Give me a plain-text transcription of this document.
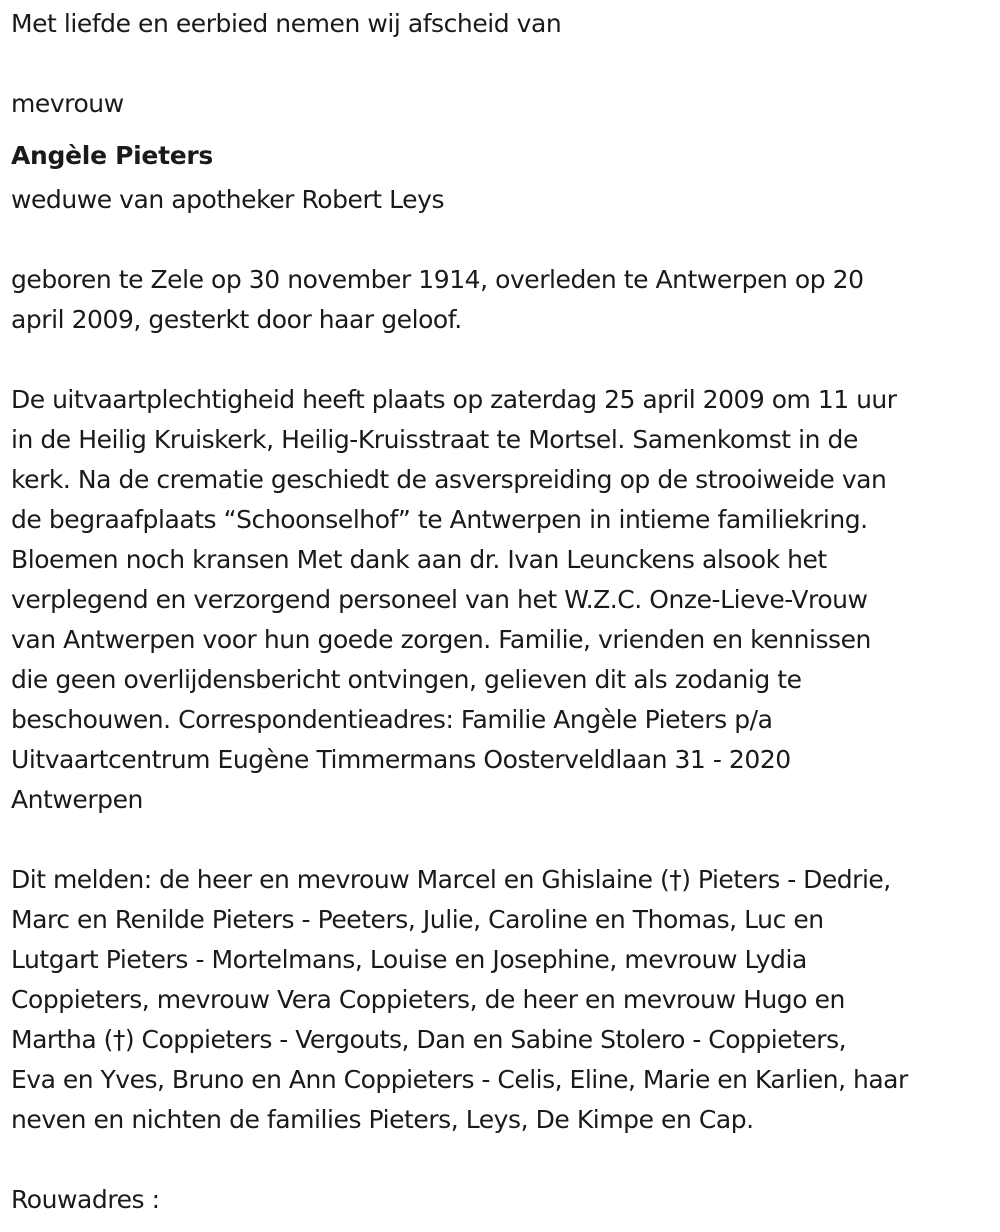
Met liefde en eerbied nemen wij afscheid van

mevrouw

Angèle Pieters

weduwe van apotheker Robert Leys

geboren te Zele op 30 november 1914, overleden te Antwerpen op 20

april 2009, gesterkt door haar geloof.

De uitvaartplechtigheid heeft plaats op zaterdag 25 april 2009 om 11 uur

in de Heilig Kruiskerk, Heilig-Kruisstraat te Mortsel. Samenkomst in de

kerk. Na de crematie geschiedt de asverspreiding op de strooiweide van

de begraafplaats “Schoonselhof” te Antwerpen in intieme familiekring.

Bloemen noch kransen Met dank aan dr. Ivan Leunckens alsook het

verplegend en verzorgend personeel van het W.Z.C. Onze-Lieve-Vrouw

van Antwerpen voor hun goede zorgen. Familie, vrienden en kennissen

die geen overlijdensbericht ontvingen, gelieven dit als zodanig te

beschouwen. Correspondentieadres: Familie Angèle Pieters p/a

Uitvaartcentrum Eugène Timmermans Oosterveldlaan 31 - 2020

Antwerpen

Dit melden: de heer en mevrouw Marcel en Ghislaine (†) Pieters - Dedrie,

Marc en Renilde Pieters - Peeters, Julie, Caroline en Thomas, Luc en

Lutgart Pieters - Mortelmans, Louise en Josephine, mevrouw Lydia

Coppieters, mevrouw Vera Coppieters, de heer en mevrouw Hugo en

Martha (†) Coppieters - Vergouts, Dan en Sabine Stolero - Coppieters,

Eva en Yves, Bruno en Ann Coppieters - Celis, Eline, Marie en Karlien, haar

neven en nichten de families Pieters, Leys, De Kimpe en Cap.

Rouwadres :
